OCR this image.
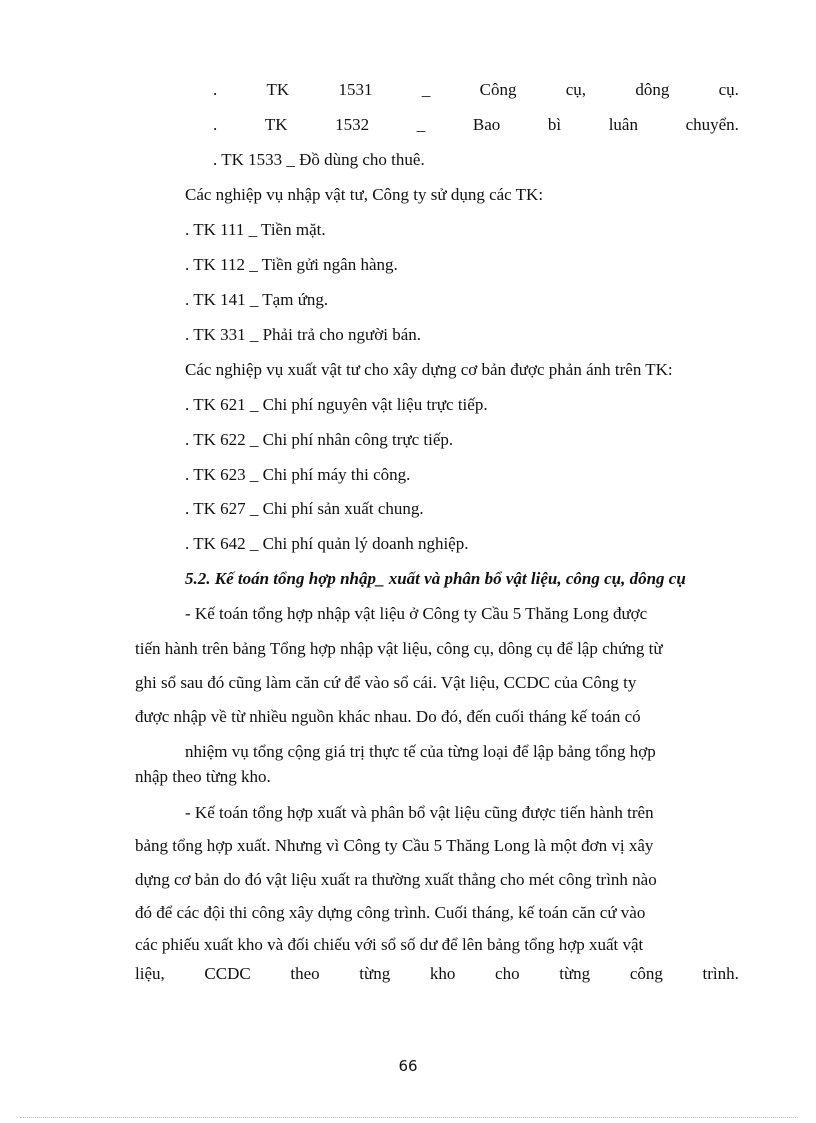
.	TK	1531	_	Công	cụ,	dông	cụ.
.	TK	1532	_	Bao	bì	luân	chuyển.
. TK 1533 _ Đồ dùng cho thuê.
Các nghiệp vụ nhập vật tư, Công ty sử dụng các TK:
. TK 111 _ Tiền mặt.
. TK 112 _ Tiền gửi ngân hàng.
. TK 141 _ Tạm ứng.
. TK 331 _ Phải trả cho người bán.
Các nghiệp vụ xuất vật tư cho xây dựng cơ bản được phản ánh trên TK:
. TK 621 _ Chi phí nguyên vật liệu trực tiếp.
. TK 622 _ Chi phí nhân công trực tiếp.
. TK 623 _ Chi phí máy thi công.
. TK 627 _ Chi phí sản xuất chung.
. TK 642 _ Chi phí quản lý doanh nghiệp.
5.2. Kế toán tổng hợp nhập_ xuất và phân bổ vật liệu, công cụ, dông cụ
- Kế toán tổng hợp nhập vật liệu ở Công ty Cầu 5 Thăng Long được
tiến hành trên bảng Tổng hợp nhập vật liệu, công cụ, dông cụ để lập chứng từ
ghi sổ sau đó cũng làm căn cứ để vào sổ cái. Vật liệu, CCDC của Công ty
được nhập về từ nhiều nguồn khác nhau. Do đó, đến cuối tháng kế toán có
nhiệm vụ tổng cộng giá trị thực tế của từng loại để lập bảng tổng hợp
nhập theo từng kho.
- Kế toán tổng hợp xuất và phân bổ vật liệu cũng được tiến hành trên
bảng tổng hợp xuất. Nhưng vì Công ty Cầu 5 Thăng Long là một đơn vị xây
dựng cơ bản do đó vật liệu xuất ra thường xuất thẳng cho mét công trình nào
đó để các đội thi công xây dựng công trình. Cuối tháng, kế toán căn cứ vào
các phiếu xuất kho và đối chiếu với sổ số dư để lên bảng tổng hợp xuất vật
liệu, CCDC theo từng kho cho từng công trình.
66
